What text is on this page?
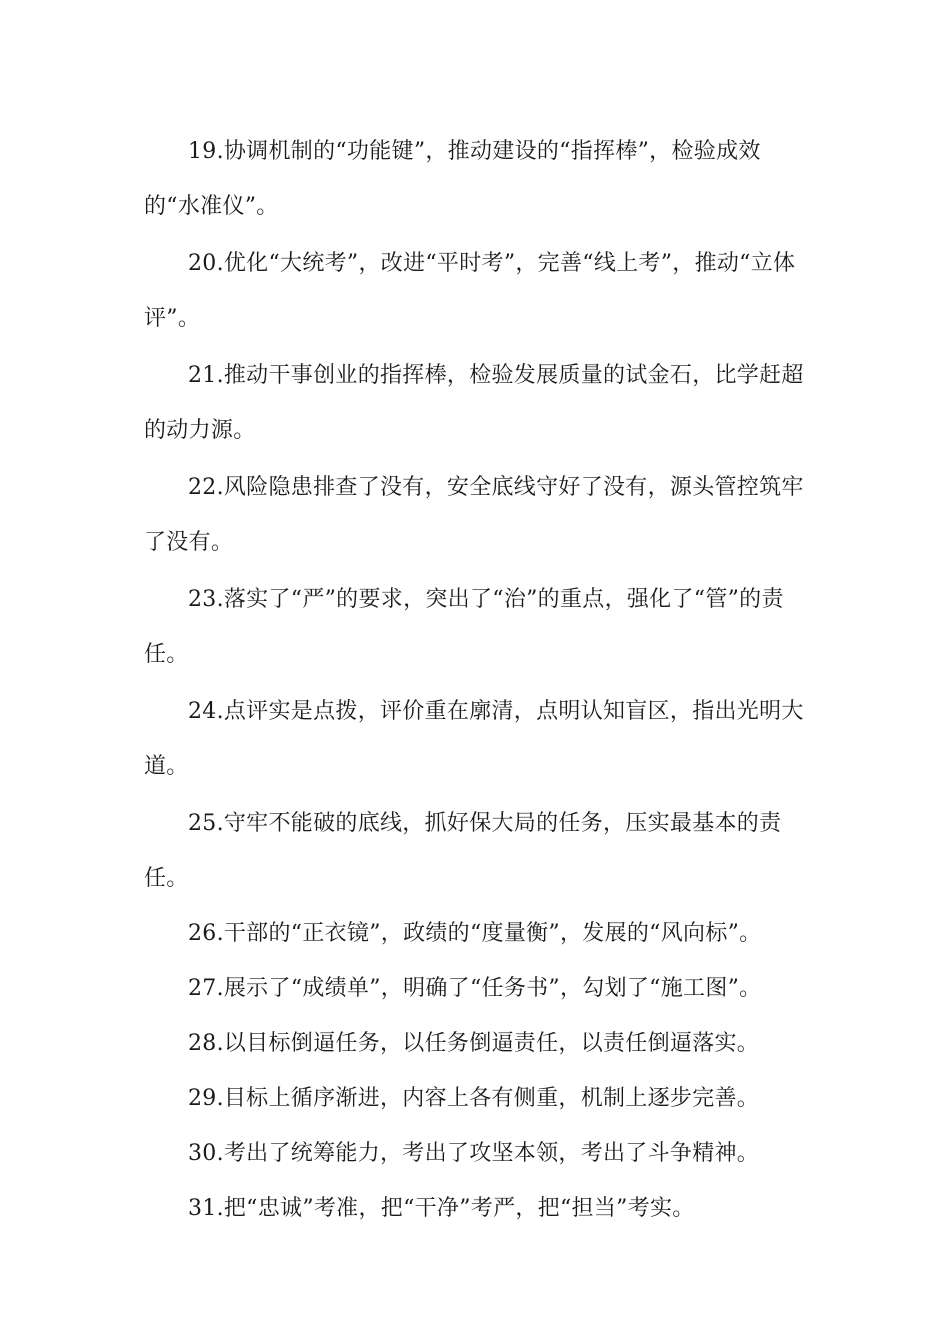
19.协调机制的“功能键”，推动建设的“指挥棒”，检验成效的“水准仪”。

20.优化“大统考”，改进“平时考”，完善“线上考”，推动“立体评”。

21.推动干事创业的指挥棒，检验发展质量的试金石，比学赶超的动力源。

22.风险隐患排查了没有，安全底线守好了没有，源头管控筑牢了没有。

23.落实了“严”的要求，突出了“治”的重点，强化了“管”的责任。

24.点评实是点拨，评价重在廓清，点明认知盲区，指出光明大道。

25.守牢不能破的底线，抓好保大局的任务，压实最基本的责任。

26.干部的“正衣镜”，政绩的“度量衡”，发展的“风向标”。

27.展示了“成绩单”，明确了“任务书”，勾划了“施工图”。

28.以目标倒逼任务，以任务倒逼责任，以责任倒逼落实。

29.目标上循序渐进，内容上各有侧重，机制上逐步完善。

30.考出了统筹能力，考出了攻坚本领，考出了斗争精神。

31.把“忠诚”考准，把“干净”考严，把“担当”考实。
